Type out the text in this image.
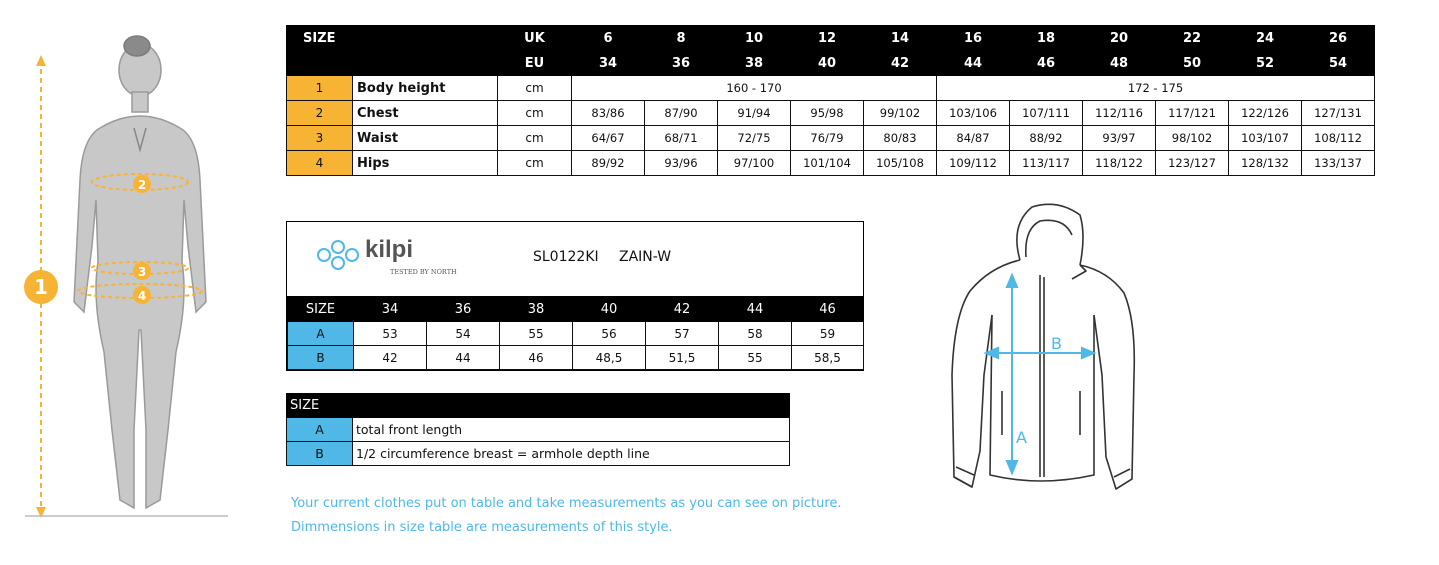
1
2
3
4
SIZE		UK	6	8	10	12	14	16	18	20	22	24	26
		EU	34	36	38	40	42	44	46	48	50	52	54
1	Body height	cm	160 - 170					172 - 175					
2	Chest	cm	83/86	87/90	91/94	95/98	99/102	103/106	107/111	112/116	117/121	122/126	127/131
3	Waist	cm	64/67	68/71	72/75	76/79	80/83	84/87	88/92	93/97	98/102	103/107	108/112
4	Hips	cm	89/92	93/96	97/100	101/104	105/108	109/112	113/117	118/122	123/127	128/132	133/137
kilpi
TESTED BY NORTH
SL0122KI ZAIN-W
SIZE	34	36	38	40	42	44	46
A	53	54	55	56	57	58	59
B	42	44	46	48,5	51,5	55	58,5
SIZE	
A	total front length
B	1/2 circumference breast = armhole depth line
Your current clothes put on table and take measurements as you can see on picture.
Dimmensions in size table are measurements of this style.
A
B
